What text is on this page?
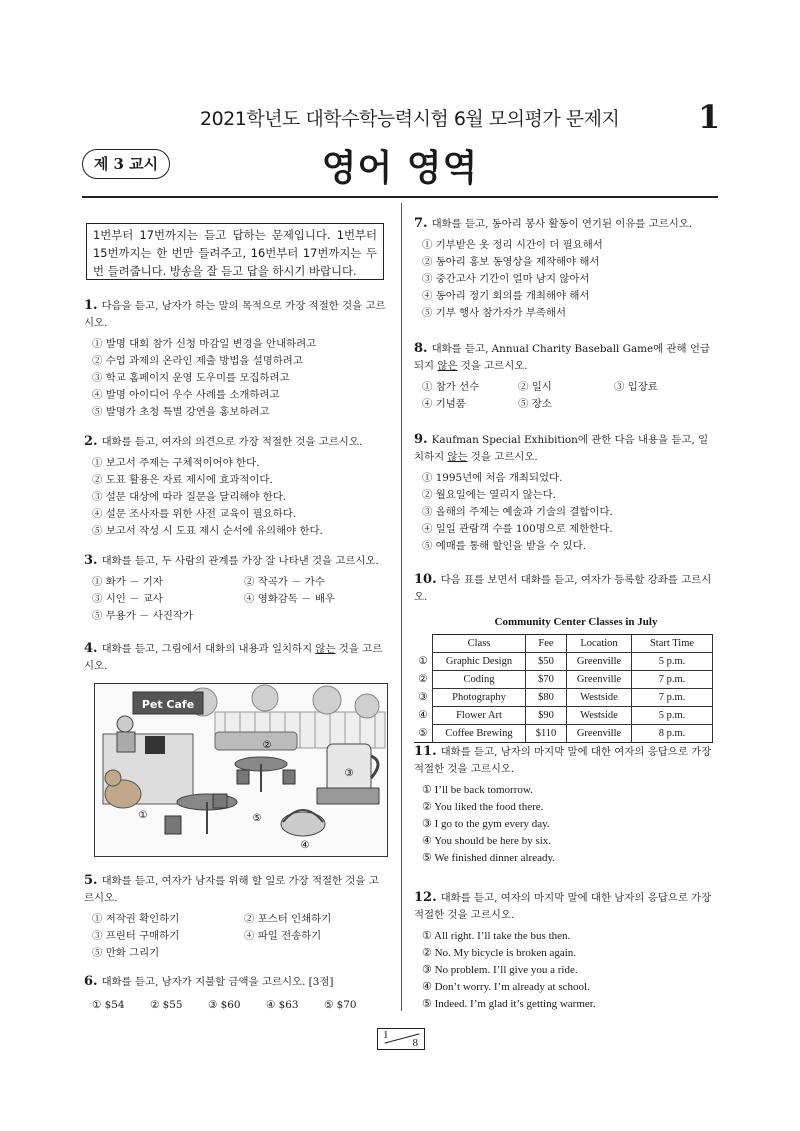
2021학년도 대학수학능력시험 6월 모의평가 문제지 1
제 3 교시	영어 영역
1번부터 17번까지는 듣고 답하는 문제입니다. 1번부터 15번까지는 한 번만 들려주고, 16번부터 17번까지는 두 번 들려줍니다. 방송을 잘 듣고 답을 하시기 바랍니다.
1. 다음을 듣고, 남자가 하는 말의 목적으로 가장 적절한 것을 고르시오.
① 발명 대회 참가 신청 마감일 변경을 안내하려고
② 수업 과제의 온라인 제출 방법을 설명하려고
③ 학교 홈페이지 운영 도우미를 모집하려고
④ 발명 아이디어 우수 사례를 소개하려고
⑤ 발명가 초청 특별 강연을 홍보하려고
2. 대화를 듣고, 여자의 의견으로 가장 적절한 것을 고르시오.
① 보고서 주제는 구체적이어야 한다.
② 도표 활용은 자료 제시에 효과적이다.
③ 설문 대상에 따라 질문을 달리해야 한다.
④ 설문 조사자를 위한 사전 교육이 필요하다.
⑤ 보고서 작성 시 도표 제시 순서에 유의해야 한다.
3. 대화를 듣고, 두 사람의 관계를 가장 잘 나타낸 것을 고르시오.
① 화가 － 기자	② 작곡가 － 가수
③ 시인 － 교사	④ 영화감독 － 배우
⑤ 무용가 － 사진작가
4. 대화를 듣고, 그림에서 대화의 내용과 일치하지 않는 것을 고르시오.
Pet Cafe
①
②
③
④
⑤
5. 대화를 듣고, 여자가 남자를 위해 할 일로 가장 적절한 것을 고르시오.
① 저작권 확인하기	② 포스터 인쇄하기
③ 프린터 구매하기	④ 파일 전송하기
⑤ 만화 그리기
6. 대화를 듣고, 남자가 지불할 금액을 고르시오. [3점]
① $54	② $55	③ $60	④ $63	⑤ $70
7. 대화를 듣고, 동아리 봉사 활동이 연기된 이유를 고르시오.
① 기부받은 옷 정리 시간이 더 필요해서
② 동아리 홍보 동영상을 제작해야 해서
③ 중간고사 기간이 얼마 남지 않아서
④ 동아리 정기 회의를 개최해야 해서
⑤ 기부 행사 참가자가 부족해서
8. 대화를 듣고, Annual Charity Baseball Game에 관해 언급되지 않은 것을 고르시오.
① 참가 선수	② 일시	③ 입장료
④ 기념품	⑤ 장소
9. Kaufman Special Exhibition에 관한 다음 내용을 듣고, 일치하지 않는 것을 고르시오.
① 1995년에 처음 개최되었다.
② 월요일에는 열리지 않는다.
③ 올해의 주제는 예술과 기술의 결합이다.
④ 일일 관람객 수를 100명으로 제한한다.
⑤ 예매를 통해 할인을 받을 수 있다.
10. 다음 표를 보면서 대화를 듣고, 여자가 등록할 강좌를 고르시오.
Community Center Classes in July
	Class	Fee	Location	Start Time
①	Graphic Design	$50	Greenville	5 p.m.
②	Coding	$70	Greenville	7 p.m.
③	Photography	$80	Westside	7 p.m.
④	Flower Art	$90	Westside	5 p.m.
⑤	Coffee Brewing	$110	Greenville	8 p.m.
11. 대화를 듣고, 남자의 마지막 말에 대한 여자의 응답으로 가장 적절한 것을 고르시오.
① I’ll be back tomorrow.
② You liked the food there.
③ I go to the gym every day.
④ You should be here by six.
⑤ We finished dinner already.
12. 대화를 듣고, 여자의 마지막 말에 대한 남자의 응답으로 가장 적절한 것을 고르시오.
① All right. I’ll take the bus then.
② No. My bicycle is broken again.
③ No problem. I’ll give you a ride.
④ Don’t worry. I’m already at school.
⑤ Indeed. I’m glad it’s getting warmer.
1
8
